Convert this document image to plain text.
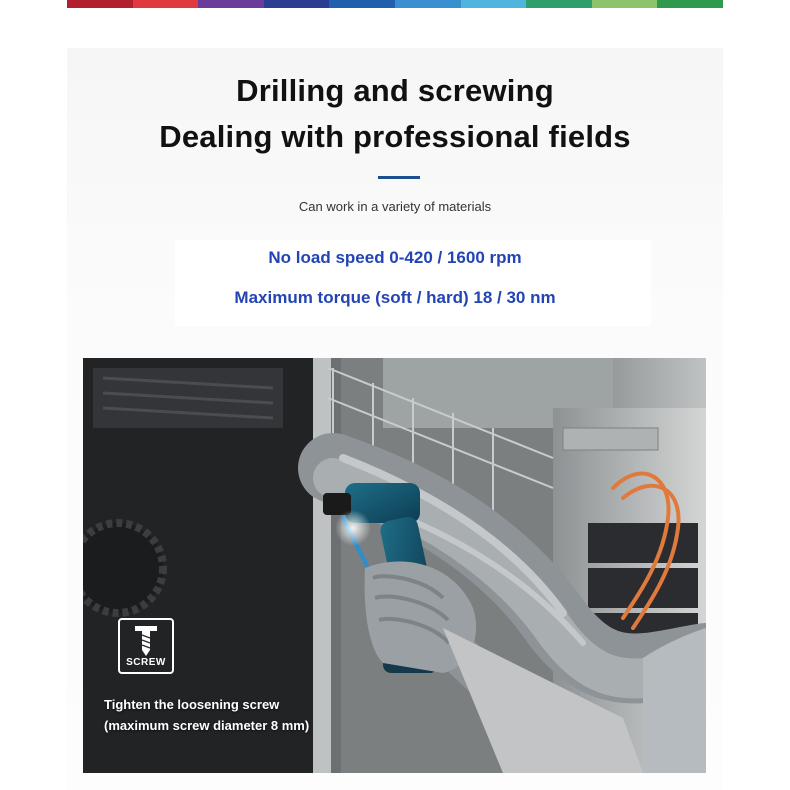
Drilling and screwing
Dealing with professional fields
Can work in a variety of materials
No load speed 0-420 / 1600 rpm
Maximum torque (soft / hard) 18 / 30 nm
SCREW
Tighten the loosening screw
(maximum screw diameter 8 mm)
